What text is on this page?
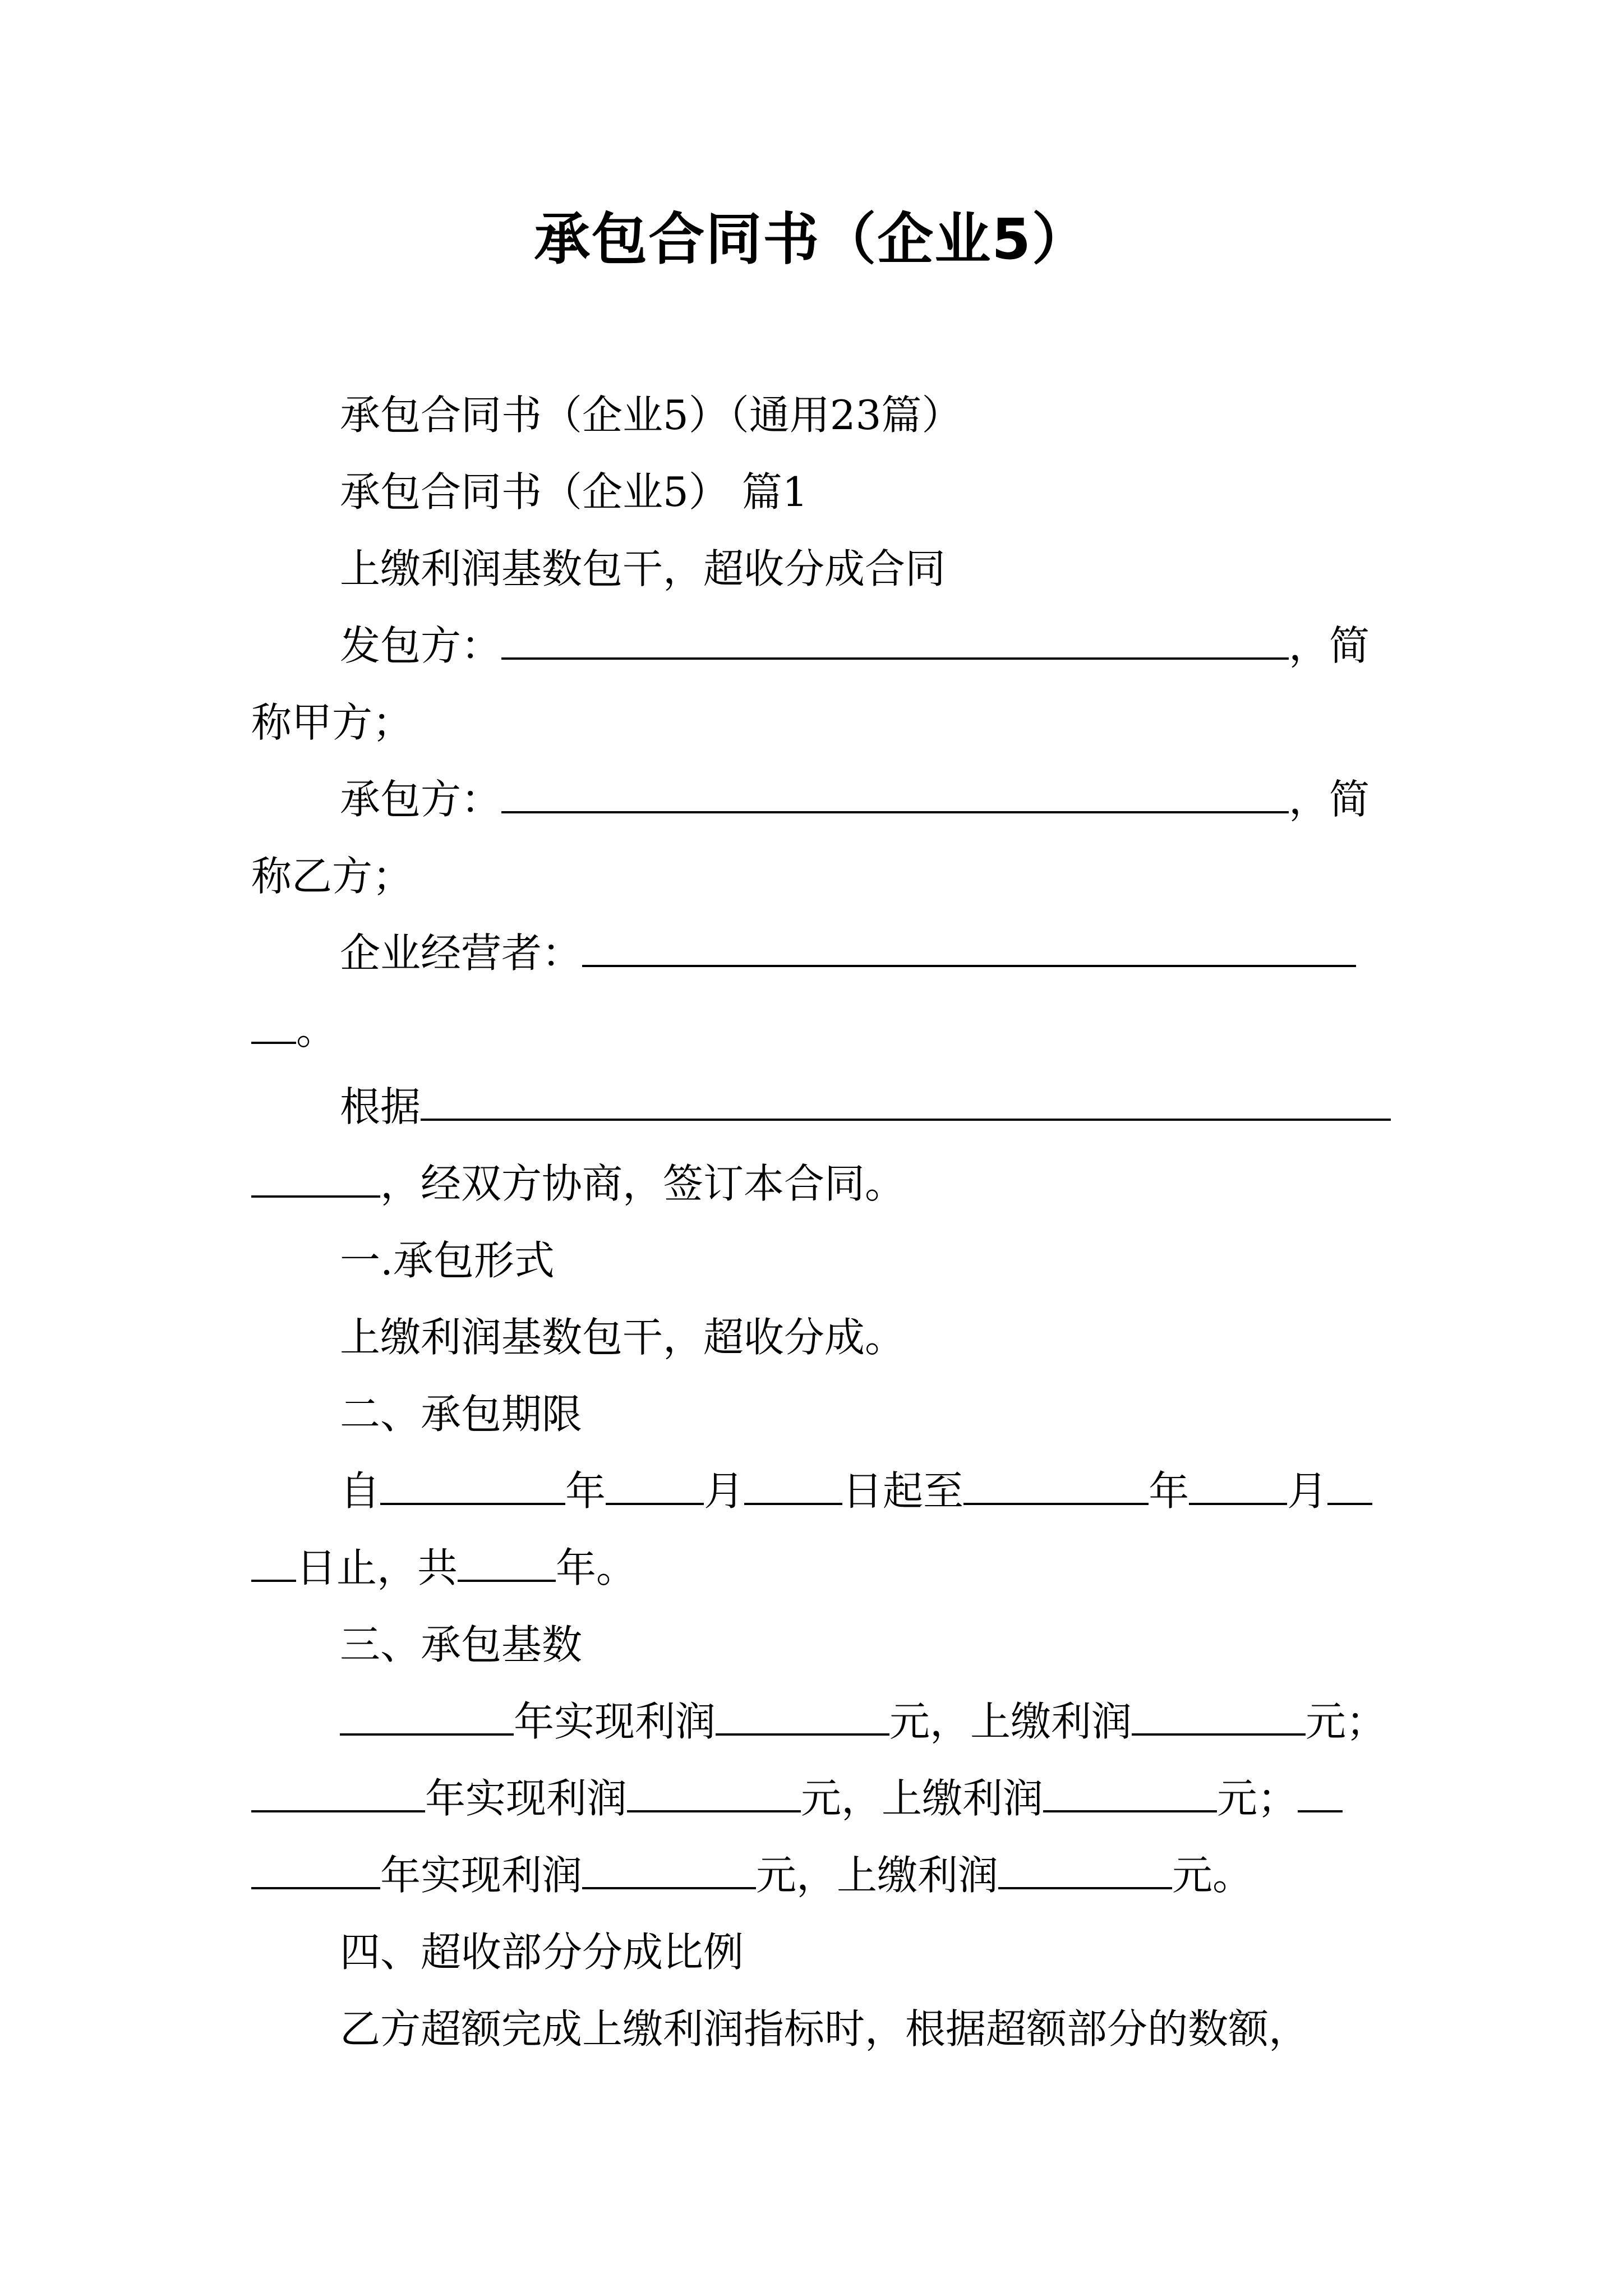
承包合同书（企业5）

承包合同书（企业5）（通用23篇）

承包合同书（企业5） 篇1

上缴利润基数包干，超收分成合同

发包方：	，简

称甲方；

承包方：	，简

称乙方；

企业经营者：

。

根据

，经双方协商，签订本合同。

一.承包形式

上缴利润基数包干，超收分成。

二、承包期限

自	年 月 日起至	年 月

日止，共 年。

三、承包基数

年实现利润	元，上缴利润	元；

年实现利润	元，上缴利润	元；

年实现利润	元，上缴利润	元。

四、超收部分分成比例

乙方超额完成上缴利润指标时，根据超额部分的数额，
